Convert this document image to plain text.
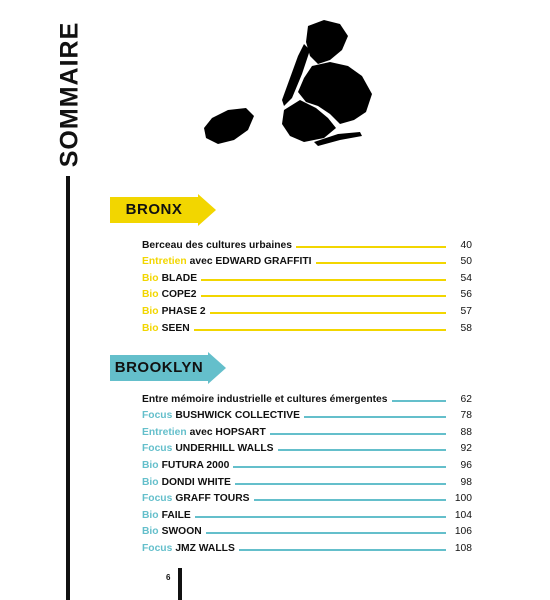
SOMMAIRE
BRONX
Berceau des cultures urbaines	40
Entretien avec EDWARD GRAFFITI	50
Bio BLADE	54
Bio COPE2	56
Bio PHASE 2	57
Bio SEEN	58
BROOKLYN
Entre mémoire industrielle et cultures émergentes	62
Focus BUSHWICK COLLECTIVE	78
Entretien avec HOPSART	88
Focus UNDERHILL WALLS	92
Bio FUTURA 2000	96
Bio DONDI WHITE	98
Focus GRAFF TOURS	100
Bio FAILE	104
Bio SWOON	106
Focus JMZ WALLS	108
6
